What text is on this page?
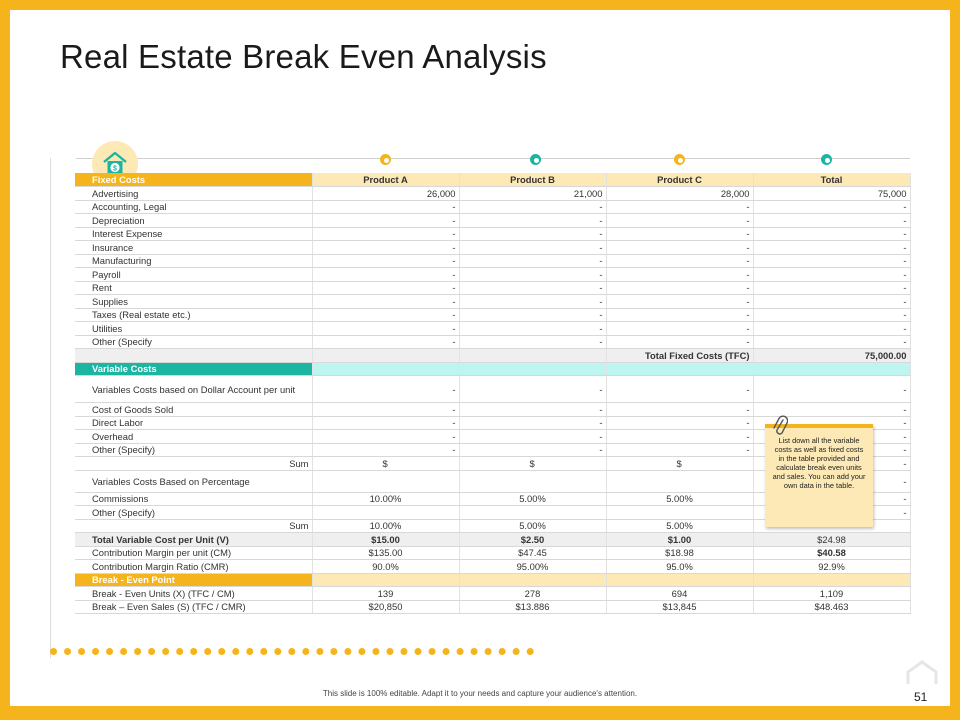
Real Estate Break Even Analysis
$
Fixed Costs	Product A	Product B	Product C	Total
Advertising	26,000	21,000	28,000	75,000
Accounting, Legal	-	-	-	-
Depreciation	-	-	-	-
Interest Expense	-	-	-	-
Insurance	-	-	-	-
Manufacturing	-	-	-	-
Payroll	-	-	-	-
Rent	-	-	-	-
Supplies	-	-	-	-
Taxes (Real estate etc.)	-	-	-	-
Utilities	-	-	-	-
Other (Specify	-	-	-	-
			Total Fixed Costs (TFC)	75,000.00
Variable Costs				
Variables Costs based on Dollar Account per unit	-	-	-	-
Cost of Goods Sold	-	-	-	-
Direct Labor	-	-	-	-
Overhead	-	-	-	-
Other (Specify)	-	-	-	-
Sum	$	$	$	-
Variables Costs Based on Percentage				-
Commissions	10.00%	5.00%	5.00%	-
Other (Specify)				-
Sum	10.00%	5.00%	5.00%	
Total Variable Cost per Unit (V)	$15.00	$2.50	$1.00	$24.98
Contribution Margin per unit (CM)	$135.00	$47.45	$18.98	$40.58
Contribution Margin Ratio (CMR)	90.0%	95.00%	95.0%	92.9%
Break - Even Point				
Break - Even Units (X) (TFC / CM)	139	278	694	1,109
Break – Even Sales (S) (TFC / CMR)	$20,850	$13.886	$13,845	$48.463
List down all the variable costs as well as fixed costs in the table provided and calculate break even units and sales. You can add your own data in the table.
This slide is 100% editable. Adapt it to your needs and capture your audience's attention.	51
